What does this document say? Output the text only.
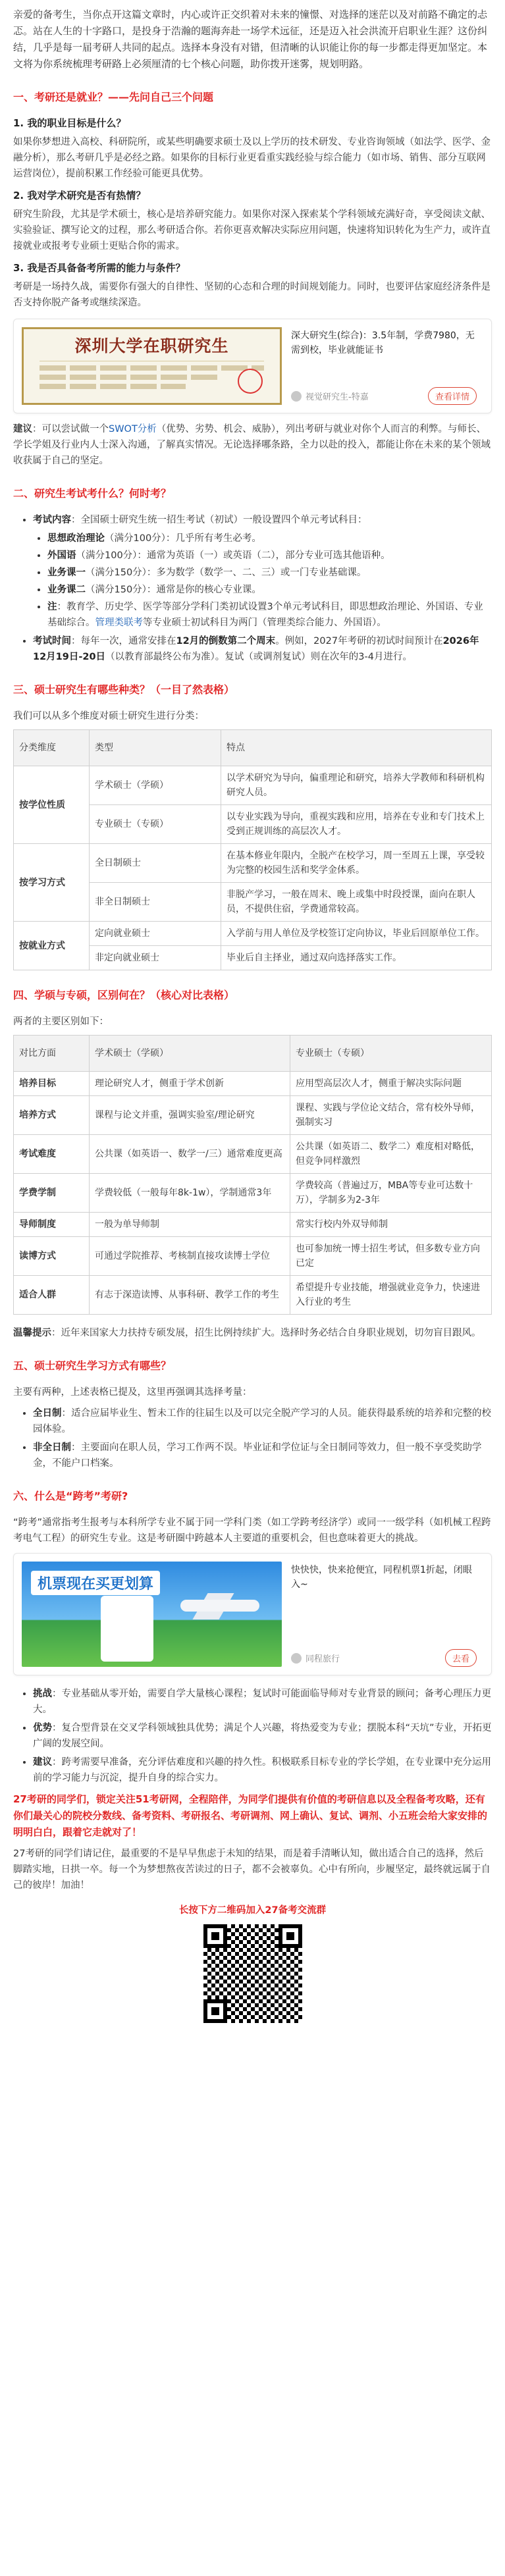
亲爱的备考生，当你点开这篇文章时，内心或许正交织着对未来的憧憬、对选择的迷茫以及对前路不确定的忐忑。站在人生的十字路口，是投身于浩瀚的题海奔赴一场学术远征，还是迈入社会洪流开启职业生涯？这份纠结，几乎是每一届考研人共同的起点。选择本身没有对错，但清晰的认识能让你的每一步都走得更加坚定。本文将为你系统梳理考研路上必须厘清的七个核心问题，助你拨开迷雾，规划明路。

一、考研还是就业？——先问自己三个问题
1. 我的职业目标是什么？

如果你梦想进入高校、科研院所，或某些明确要求硕士及以上学历的技术研发、专业咨询领域（如法学、医学、金融分析），那么考研几乎是必经之路。如果你的目标行业更看重实践经验与综合能力（如市场、销售、部分互联网运营岗位），提前积累工作经验可能更具优势。

2. 我对学术研究是否有热情？

研究生阶段，尤其是学术硕士，核心是培养研究能力。如果你对深入探索某个学科领域充满好奇，享受阅读文献、实验验证、撰写论文的过程，那么考研适合你。若你更喜欢解决实际应用问题，快速将知识转化为生产力，或许直接就业或报考专业硕士更贴合你的需求。

3. 我是否具备备考所需的能力与条件？

考研是一场持久战，需要你有强大的自律性、坚韧的心态和合理的时间规划能力。同时，也要评估家庭经济条件是否支持你脱产备考或继续深造。

深圳大学在职研究生
深大研究生(综合)：3.5年制，学费7980，无需到校，毕业就能证书
视觉研究生-特嘉	查看详情

建议：可以尝试做一个SWOT分析（优势、劣势、机会、威胁），列出考研与就业对你个人而言的利弊。与师长、学长学姐及行业内人士深入沟通，了解真实情况。无论选择哪条路，全力以赴的投入，都能让你在未来的某个领域收获属于自己的坚定。

二、研究生考试考什么？何时考？
• 考试内容：全国硕士研究生统一招生考试（初试）一般设置四个单元考试科目：
• 思想政治理论（满分100分）：几乎所有考生必考。
• 外国语（满分100分）：通常为英语（一）或英语（二），部分专业可选其他语种。
• 业务课一（满分150分）：多为数学（数学一、二、三）或一门专业基础课。
• 业务课二（满分150分）：通常是你的核心专业课。
• 注：教育学、历史学、医学等部分学科门类初试设置3个单元考试科目，即思想政治理论、外国语、专业基础综合。管理类联考等专业硕士初试科目为两门（管理类综合能力、外国语）。
• 考试时间：每年一次，通常安排在12月的倒数第二个周末。例如，2027年考研的初试时间预计在2026年12月19日-20日（以教育部最终公布为准）。复试（或调剂复试）则在次年的3-4月进行。
三、硕士研究生有哪些种类？（一目了然表格）

我们可以从多个维度对硕士研究生进行分类：

分类维度	类型	特点
按学位性质	学术硕士（学硕）	以学术研究为导向，偏重理论和研究，培养大学教师和科研机构研究人员。
	专业硕士（专硕）	以专业实践为导向，重视实践和应用，培养在专业和专门技术上受到正规训练的高层次人才。
按学习方式	全日制硕士	在基本修业年限内，全脱产在校学习，周一至周五上课，享受较为完整的校园生活和奖学金体系。
	非全日制硕士	非脱产学习，一般在周末、晚上或集中时段授课，面向在职人员，不提供住宿，学费通常较高。
按就业方式	定向就业硕士	入学前与用人单位及学校签订定向协议，毕业后回原单位工作。
	非定向就业硕士	毕业后自主择业，通过双向选择落实工作。
四、学硕与专硕，区别何在？（核心对比表格）

两者的主要区别如下：

对比方面	学术硕士（学硕）	专业硕士（专硕）
培养目标	理论研究人才，侧重于学术创新	应用型高层次人才，侧重于解决实际问题
培养方式	课程与论文并重，强调实验室/理论研究	课程、实践与学位论文结合，常有校外导师，强制实习
考试难度	公共课（如英语一、数学一/三）通常难度更高	公共课（如英语二、数学二）难度相对略低，但竞争同样激烈
学费学制	学费较低（一般每年8k-1w），学制通常3年	学费较高（普遍过万，MBA等专业可达数十万），学制多为2-3年
导师制度	一般为单导师制	常实行校内外双导师制
读博方式	可通过学院推荐、考核制直接攻读博士学位	也可参加统一博士招生考试，但多数专业方向已定
适合人群	有志于深造读博、从事科研、教学工作的考生	希望提升专业技能，增强就业竞争力，快速进入行业的考生

温馨提示：近年来国家大力扶持专硕发展，招生比例持续扩大。选择时务必结合自身职业规划，切勿盲目跟风。

五、硕士研究生学习方式有哪些？

主要有两种，上述表格已提及，这里再强调其选择考量：

• 全日制：适合应届毕业生、暂未工作的往届生以及可以完全脱产学习的人员。能获得最系统的培养和完整的校园体验。
• 非全日制：主要面向在职人员，学习工作两不误。毕业证和学位证与全日制同等效力，但一般不享受奖助学金，不能户口档案。
六、什么是“跨考”考研?

“跨考”通常指考生报考与本科所学专业不属于同一学科门类（如工学跨考经济学）或同一一级学科（如机械工程跨考电气工程）的研究生专业。这是考研圈中跨越本人主要道的重要机会，但也意味着更大的挑战。

机票现在买更划算
快快快，快来抢便宜，同程机票1折起，闭眼入~
同程旅行	去看
• 挑战：专业基础从零开始，需要自学大量核心课程；复试时可能面临导师对专业背景的顾问；备考心理压力更大。
• 优势：复合型背景在交叉学科领域独具优势；满足个人兴趣，将热爱变为专业；摆脱本科“天坑”专业，开拓更广阔的发展空间。
• 建议：跨考需要早准备，充分评估难度和兴趣的持久性。积极联系目标专业的学长学姐，在专业课中充分运用前的学习能力与沉淀，提升自身的综合实力。

27考研的同学们，锁定关注51考研网，全程陪伴，为同学们提供有价值的考研信息以及全程备考攻略，还有你们最关心的院校分数线、备考资料、考研报名、考研调剂、网上确认、复试、调剂、小五班会给大家安排的明明白白，跟着它走就对了！

27考研的同学们请记住，最重要的不是早早焦虑于未知的结果，而是着手清晰认知，做出适合自己的选择，然后脚踏实地，日拱一卒。每一个为梦想熬夜苦读过的日子，都不会被辜负。心中有所向，步履坚定，最终就远属于自己的彼岸！加油！

长按下方二维码加入27备考交流群
